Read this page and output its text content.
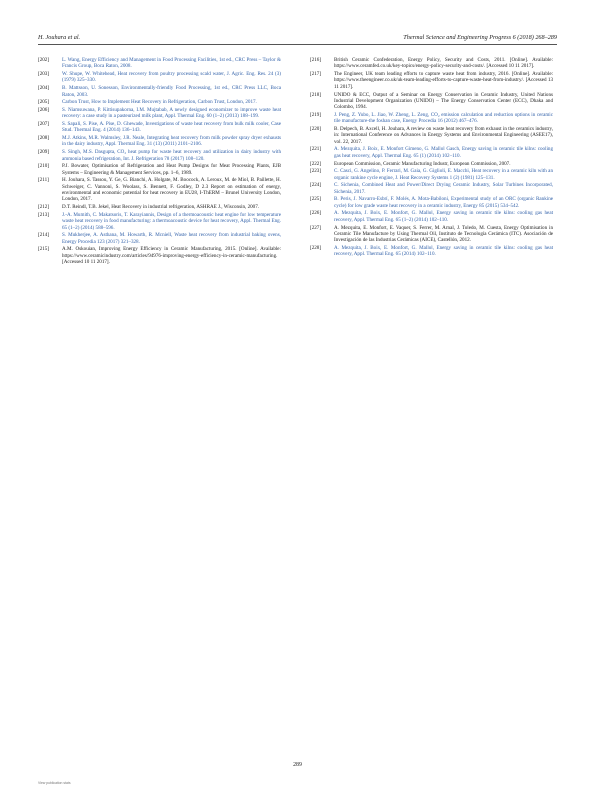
H. Jouhara et al.	Thermal Science and Engineering Progress 6 (2018) 268–289
[202]	L. Wang, Energy Efficiency and Management in Food Processing Facilities, 1st ed., CRC Press – Taylor & Francis Group, Boca Raton, 2008.
[203]	W. Shupe, W. Whitehead, Heat recovery from poultry processing scald water, J. Agric. Eng. Res. 24 (3) (1979) 325–330.
[204]	B. Mattsson, U. Sonesson, Environmentally-friendly Food Processing, 1st ed., CRC Press LLC, Boca Raton, 2003.
[205]	Carbon Trust, How to Implement Heat Recovery in Refrigeration, Carbon Trust, London, 2017.
[206]	S. Niamsuwana, P. Kittisupakorna, I.M. Mujtabab, A newly designed economizer to improve waste heat recovery: a case study in a pasteurized milk plant, Appl. Thermal Eng. 60 (1–2) (2013) 188–199.
[207]	S. Sapali, S. Pise, A. Pise, D. Ghewade, Investigations of waste heat recovery from bulk milk cooler, Case Stud. Thermal Eng. 4 (2014) 136–143.
[208]	M.J. Atkins, M.R. Walmsley, J.R. Neale, Integrating heat recovery from milk powder spray dryer exhausts in the dairy industry, Appl. Thermal Eng. 31 (13) (2011) 2101–2106.
[209]	S. Singh, M.S. Dasgupta, CO₂ heat pump for waste heat recovery and utilization in dairy industry with ammonia based refrigeration, Int. J. Refrigeration 78 (2017) 108–120.
[210]	P.J. Bowater, Optimisation of Refrigeration and Heat Pump Designs for Meat Processing Plants, EJB Systems – Engineering & Management Services, pp. 1–6, 1989.
[211]	H. Jouhara, S. Tassou, Y. Ge, G. Bianchi, A. Holgate, M. Boocock, A. Leroux, M. de Miol, B. Paillette, H. Schweiger, C. Vannoni, S. Woolass, S. Bennett, F. Godley, D 2.3 Report on estimation of energy, environmental and economic potential for heat recovery in EU28, I-ThERM – Brunel University London, London, 2017.
[212]	D.T. Reindl, T.B. Jekel, Heat Recovery in industrial refrigeration, ASHRAE J., Wisconsin, 2007.
[213]	J.-A. Mumith, C. Makatsoris, T. Karayiannis, Design of a thermoacoustic heat engine for low temperature waste heat recovery in food manufacturing: a thermoacoustic device for heat recovery, Appl. Thermal Eng. 65 (1–2) (2014) 588–596.
[214]	S. Mukherjee, A. Asthana, M. Howarth, R. Mcniell, Waste heat recovery from industrial baking ovens, Energy Procedia 123 (2017) 321–328.
[215]	A.M. Oskouian, Improving Energy Efficiency in Ceramic Manufacturing, 2015. [Online]. Available: https://www.ceramicindustry.com/articles/94976-improving-energy-efficiency-in-ceramic-manufacturing. [Accessed 10 11 2017].
[216]	British Ceramic Confederation, Energy Policy, Security and Costs, 2011. [Online]. Available: https://www.ceramfed.co.uk/key-topics/energy-policy-security-and-costs/. [Accessed 10 11 2017].
[217]	The Engineer, UK team leading efforts to capture waste heat from industry, 2016. [Online]. Available: https://www.theengineer.co.uk/uk-team-leading-efforts-to-capture-waste-heat-from-industry/. [Accessed 13 11 2017].
[218]	UNIDO & ECC, Output of a Seminar on Energy Conservation in Ceramic Industry, United Nations Industrial Development Organization (UNIDO) – The Energy Conservation Center (ECC), Dhaka and Colombo, 1994.
[219]	J. Peng, Z. Yubo, L. Jiao, W. Zheng, L. Zeng, CO₂ emission calculation and reduction options in ceramic tile manufacture-the foshan case, Energy Procedia 16 (2012) 467–476.
[220]	B. Delpech, B. Axcell, H. Jouhara, A review on waste heat recovery from exhaust in the ceramics industry, in: International Conference on Advances in Energy Systems and Environmental Engineering (ASEE17), vol. 22, 2017.
[221]	A. Mezquita, J. Boix, E. Monfort Gimeno, G. Mallol Gasch, Energy saving in ceramic tile kilns: cooling gas heat recovery, Appl. Thermal Eng. 65 (1) (2014) 102–110.
[222]	European Commission, Ceramic Manufacturing Industr, European Commission, 2007.
[223]	C. Casci, G. Angelino, P. Ferrari, M. Gaia, G. Giglioli, E. Macchi, Heat recovery in a ceramic kiln with an organic rankine cycle engine, J. Heat Recovery Systems 1 (2) (1981) 125–131.
[224]	C. Sichenia, Combined Heat and Power/Direct Drying Ceramic Industry, Solar Turbines Incorporated, Sichenia, 2017.
[225]	B. Peris, J. Navarro-Esbrí, F. Molés, A. Mota-Babiloni, Experimental study of an ORC (organic Rankine cycle) for low grade waste heat recovery in a ceramic industry, Energy 85 (2015) 534–542.
[226]	A. Mezquita, J. Boix, E. Monfort, G. Mallol, Energy saving in ceramic tile kilns: cooling gas heat recovery, Appl. Thermal Eng. 65 (1–2) (2014) 102–110.
[227]	A. Mezquita, E. Monfort, E. Vaquer, S. Ferrer, M. Arnal, J. Toledo, M. Cuesta, Energy Optimisation in Ceramic Tile Manufacture by Using Thermal Oil, Instituto de Tecnología Cerámica (ITC). Asociación de Investigación de las Industrias Cerámicas (AICE), Castellón, 2012.
[228]	A. Mezquita, J. Boix, E. Monfort, G. Mallol, Energy saving in ceramic tile kilns: cooling gas heat recovery, Appl. Thermal Eng. 65 (2014) 102–110.
289
View publication stats
